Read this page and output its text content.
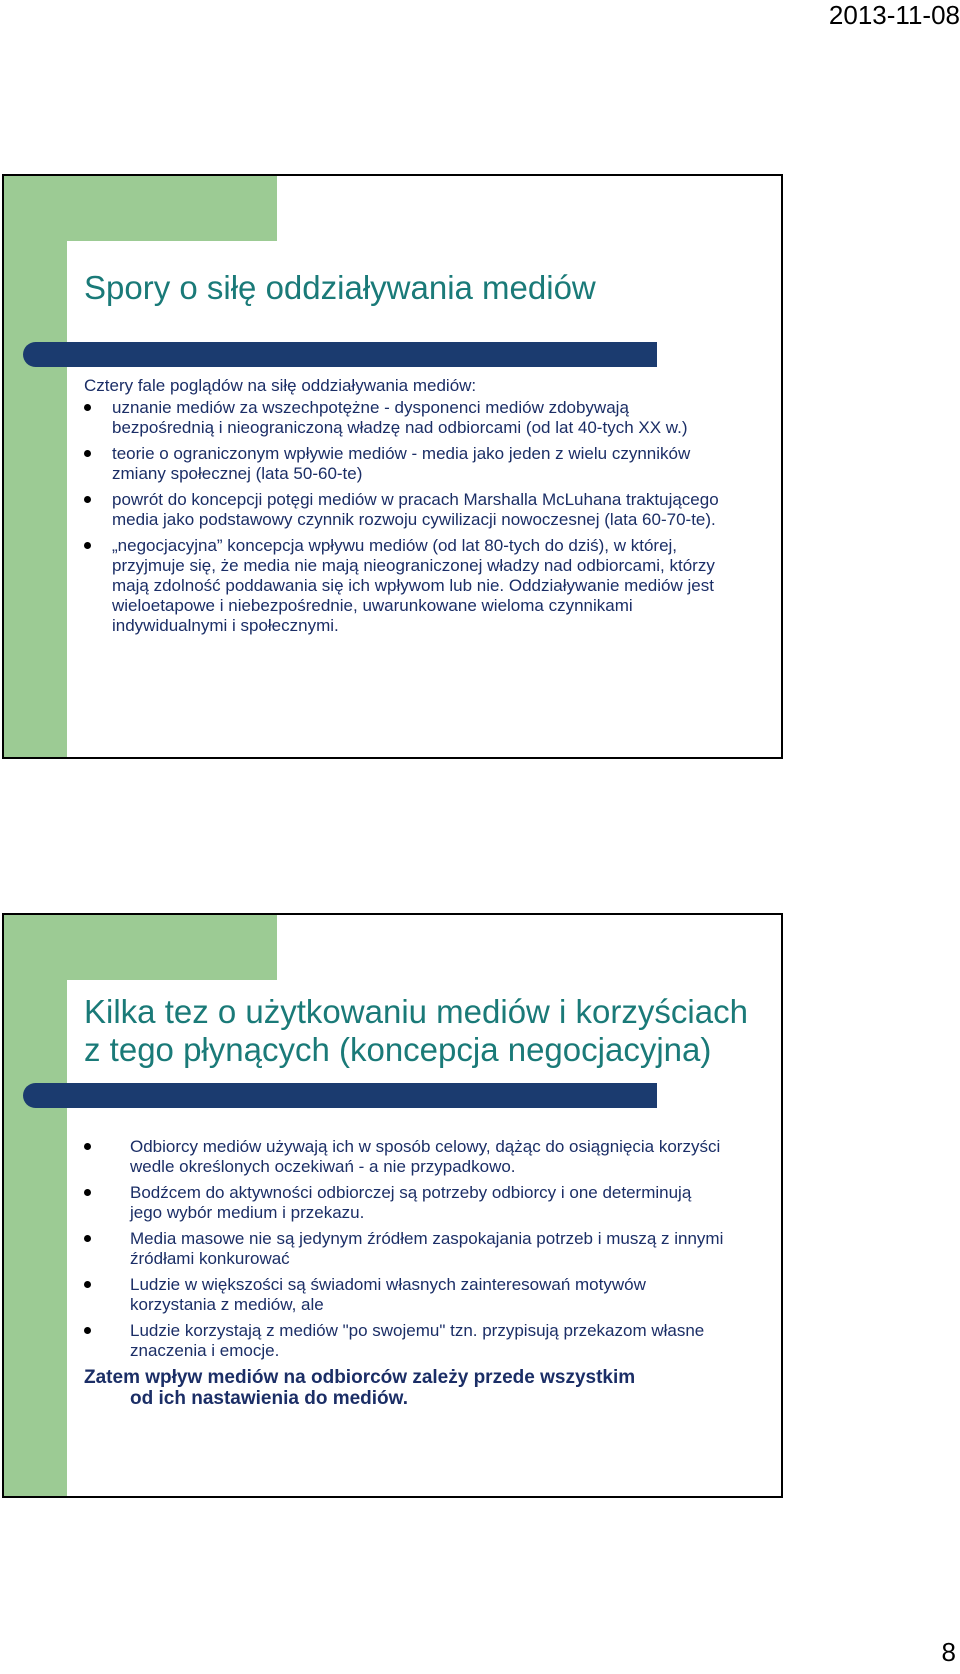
2013-11-08
Spory o siłę oddziaływania mediów
Cztery fale poglądów na siłę oddziaływania mediów:
uznanie mediów za wszechpotężne - dysponenci mediów zdobywają bezpośrednią i nieograniczoną władzę nad odbiorcami (od lat 40-tych XX w.)
teorie o ograniczonym wpływie mediów - media jako jeden z wielu czynników zmiany społecznej (lata 50-60-te)
powrót do koncepcji potęgi mediów w pracach Marshalla McLuhana traktującego media jako podstawowy czynnik rozwoju cywilizacji nowoczesnej (lata 60-70-te).
„negocjacyjna” koncepcja wpływu mediów (od lat 80-tych do dziś), w której, przyjmuje się, że media nie mają nieograniczonej władzy nad odbiorcami, którzy mają zdolność poddawania się ich wpływom lub nie. Oddziaływanie mediów jest wieloetapowe i niebezpośrednie, uwarunkowane wieloma czynnikami indywidualnymi i społecznymi.
Kilka tez o użytkowaniu mediów i korzyściach
z tego płynących (koncepcja negocjacyjna)
Odbiorcy mediów używają ich w sposób celowy, dążąc do osiągnięcia korzyści wedle określonych oczekiwań - a nie przypadkowo.
Bodźcem do aktywności odbiorczej są potrzeby odbiorcy i one determinują jego wybór medium i przekazu.
Media masowe nie są jedynym źródłem zaspokajania potrzeb i muszą z innymi źródłami konkurować
Ludzie w większości są świadomi własnych zainteresowań motywów korzystania z mediów, ale
Ludzie korzystają z mediów "po swojemu" tzn. przypisują przekazom własne znaczenia i emocje.
Zatem wpływ mediów na odbiorców zależy przede wszystkim
od ich nastawienia do mediów.
8
